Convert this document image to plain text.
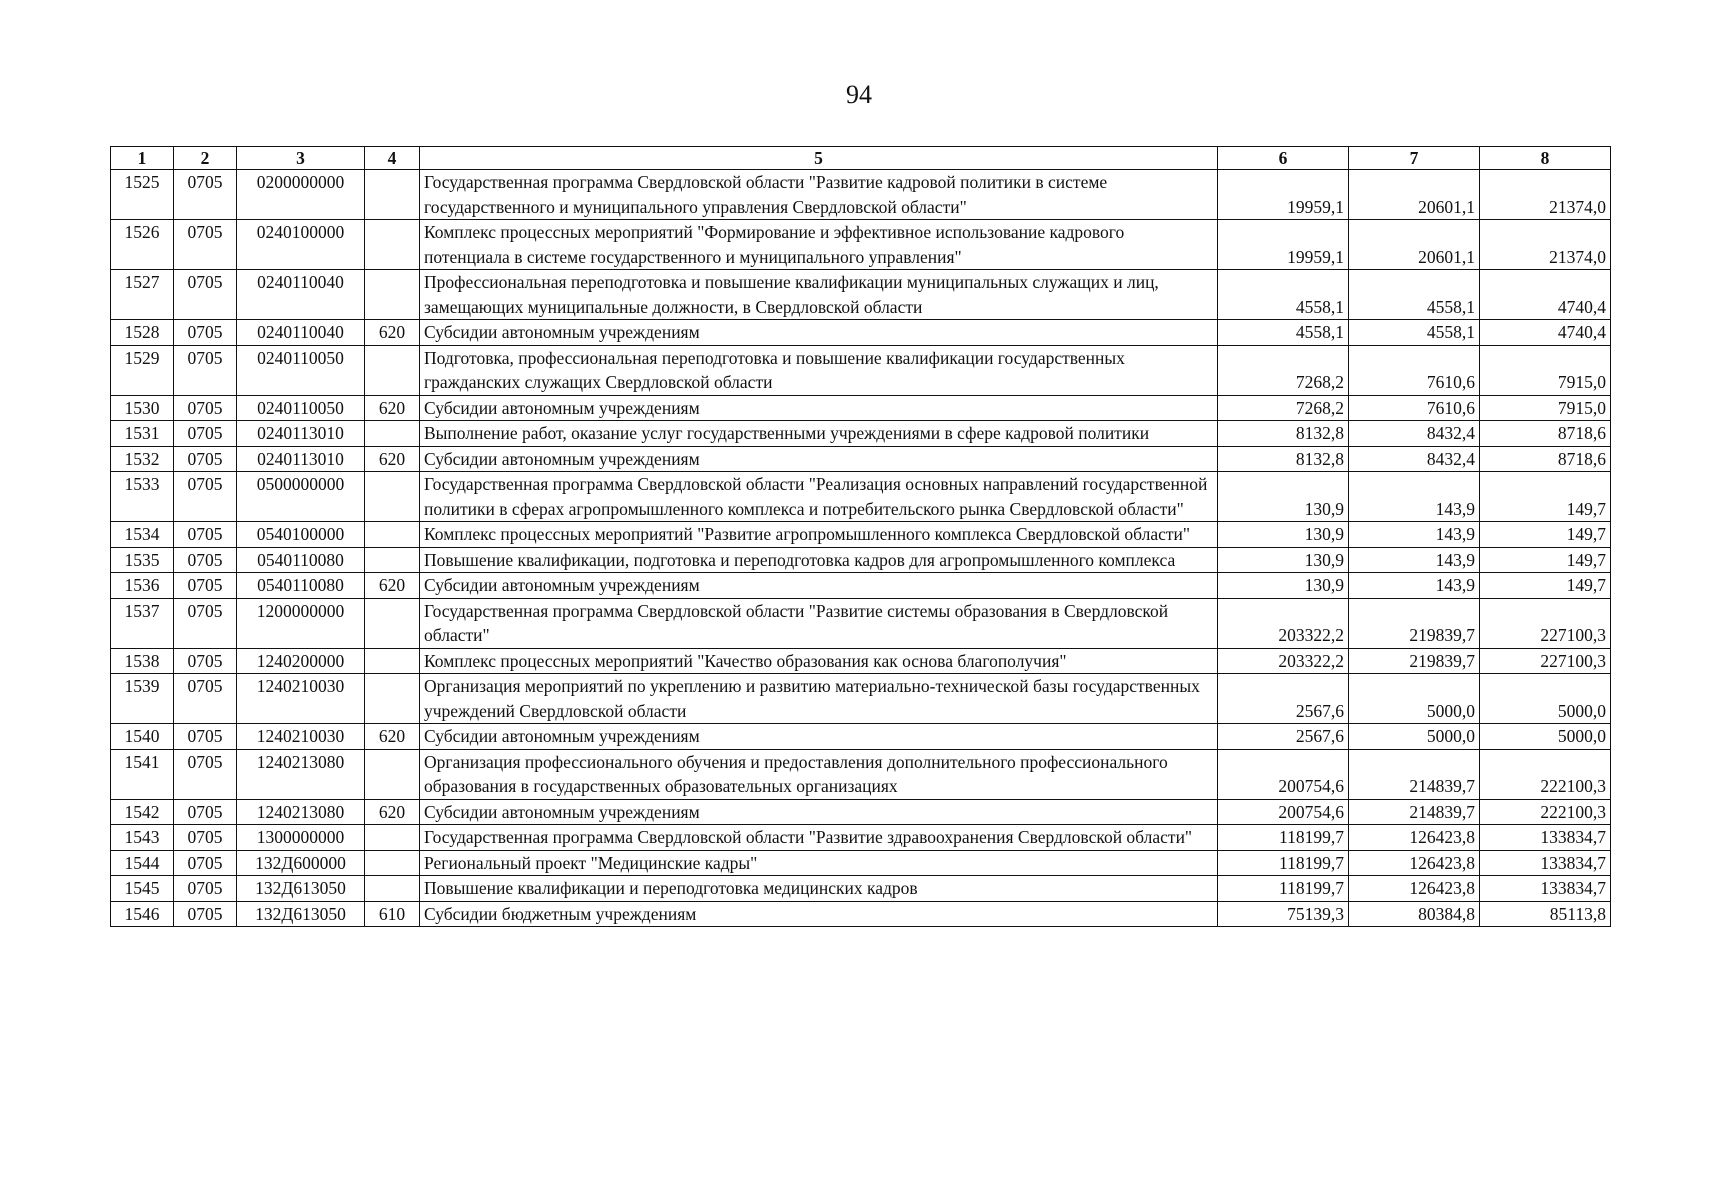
94
1	2	3	4	5	6	7	8
1525	0705	0200000000		Государственная программа Свердловской области "Развитие кадровой политики в системе государственного и муниципального управления Свердловской области"	19959,1	20601,1	21374,0
1526	0705	0240100000		Комплекс процессных мероприятий "Формирование и эффективное использование кадрового потенциала в системе государственного и муниципального управления"	19959,1	20601,1	21374,0
1527	0705	0240110040		Профессиональная переподготовка и повышение квалификации муниципальных служащих и лиц, замещающих муниципальные должности, в Свердловской области	4558,1	4558,1	4740,4
1528	0705	0240110040	620	Субсидии автономным учреждениям	4558,1	4558,1	4740,4
1529	0705	0240110050		Подготовка, профессиональная переподготовка и повышение квалификации государственных гражданских служащих Свердловской области	7268,2	7610,6	7915,0
1530	0705	0240110050	620	Субсидии автономным учреждениям	7268,2	7610,6	7915,0
1531	0705	0240113010		Выполнение работ, оказание услуг государственными учреждениями в сфере кадровой политики	8132,8	8432,4	8718,6
1532	0705	0240113010	620	Субсидии автономным учреждениям	8132,8	8432,4	8718,6
1533	0705	0500000000		Государственная программа Свердловской области "Реализация основных направлений государственной политики в сферах агропромышленного комплекса и потребительского рынка Свердловской области"	130,9	143,9	149,7
1534	0705	0540100000		Комплекс процессных мероприятий "Развитие агропромышленного комплекса Свердловской области"	130,9	143,9	149,7
1535	0705	0540110080		Повышение квалификации, подготовка и переподготовка кадров для агропромышленного комплекса	130,9	143,9	149,7
1536	0705	0540110080	620	Субсидии автономным учреждениям	130,9	143,9	149,7
1537	0705	1200000000		Государственная программа Свердловской области "Развитие системы образования в Свердловской области"	203322,2	219839,7	227100,3
1538	0705	1240200000		Комплекс процессных мероприятий "Качество образования как основа благополучия"	203322,2	219839,7	227100,3
1539	0705	1240210030		Организация мероприятий по укреплению и развитию материально-технической базы государственных учреждений Свердловской области	2567,6	5000,0	5000,0
1540	0705	1240210030	620	Субсидии автономным учреждениям	2567,6	5000,0	5000,0
1541	0705	1240213080		Организация профессионального обучения и предоставления дополнительного профессионального образования в государственных образовательных организациях	200754,6	214839,7	222100,3
1542	0705	1240213080	620	Субсидии автономным учреждениям	200754,6	214839,7	222100,3
1543	0705	1300000000		Государственная программа Свердловской области "Развитие здравоохранения Свердловской области"	118199,7	126423,8	133834,7
1544	0705	132Д600000		Региональный проект "Медицинские кадры"	118199,7	126423,8	133834,7
1545	0705	132Д613050		Повышение квалификации и переподготовка медицинских кадров	118199,7	126423,8	133834,7
1546	0705	132Д613050	610	Субсидии бюджетным учреждениям	75139,3	80384,8	85113,8
